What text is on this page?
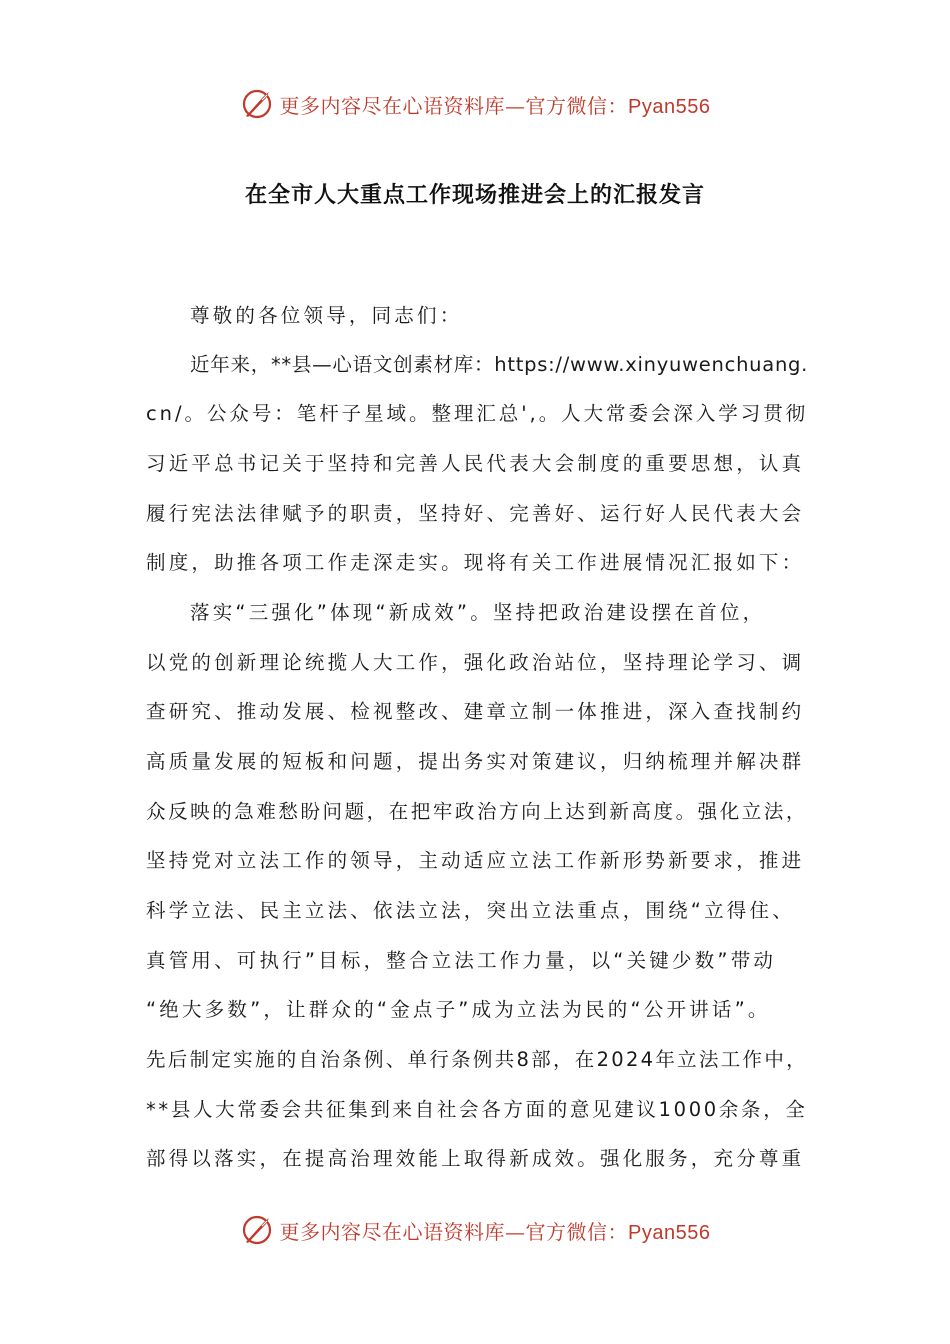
更多内容尽在心语资料库—官方微信：Pyan556
在全市人大重点工作现场推进会上的汇报发言
尊敬的各位领导，同志们：
近年来，**县—心语文创素材库：https://www.xinyuwenchuang.
cn/。公众号：笔杆子星域。整理汇总',。人大常委会深入学习贯彻
习近平总书记关于坚持和完善人民代表大会制度的重要思想，认真
履行宪法法律赋予的职责，坚持好、完善好、运行好人民代表大会
制度，助推各项工作走深走实。现将有关工作进展情况汇报如下：
落实“三强化”体现“新成效”。坚持把政治建设摆在首位，
以党的创新理论统揽人大工作，强化政治站位，坚持理论学习、调
查研究、推动发展、检视整改、建章立制一体推进，深入查找制约
高质量发展的短板和问题，提出务实对策建议，归纳梳理并解决群
众反映的急难愁盼问题，在把牢政治方向上达到新高度。强化立法，
坚持党对立法工作的领导，主动适应立法工作新形势新要求，推进
科学立法、民主立法、依法立法，突出立法重点，围绕“立得住、
真管用、可执行”目标，整合立法工作力量，以“关键少数”带动
“绝大多数”，让群众的“金点子”成为立法为民的“公开讲话”。
先后制定实施的自治条例、单行条例共8部，在2024年立法工作中，
**县人大常委会共征集到来自社会各方面的意见建议1000余条，全
部得以落实，在提高治理效能上取得新成效。强化服务，充分尊重
更多内容尽在心语资料库—官方微信：Pyan556
